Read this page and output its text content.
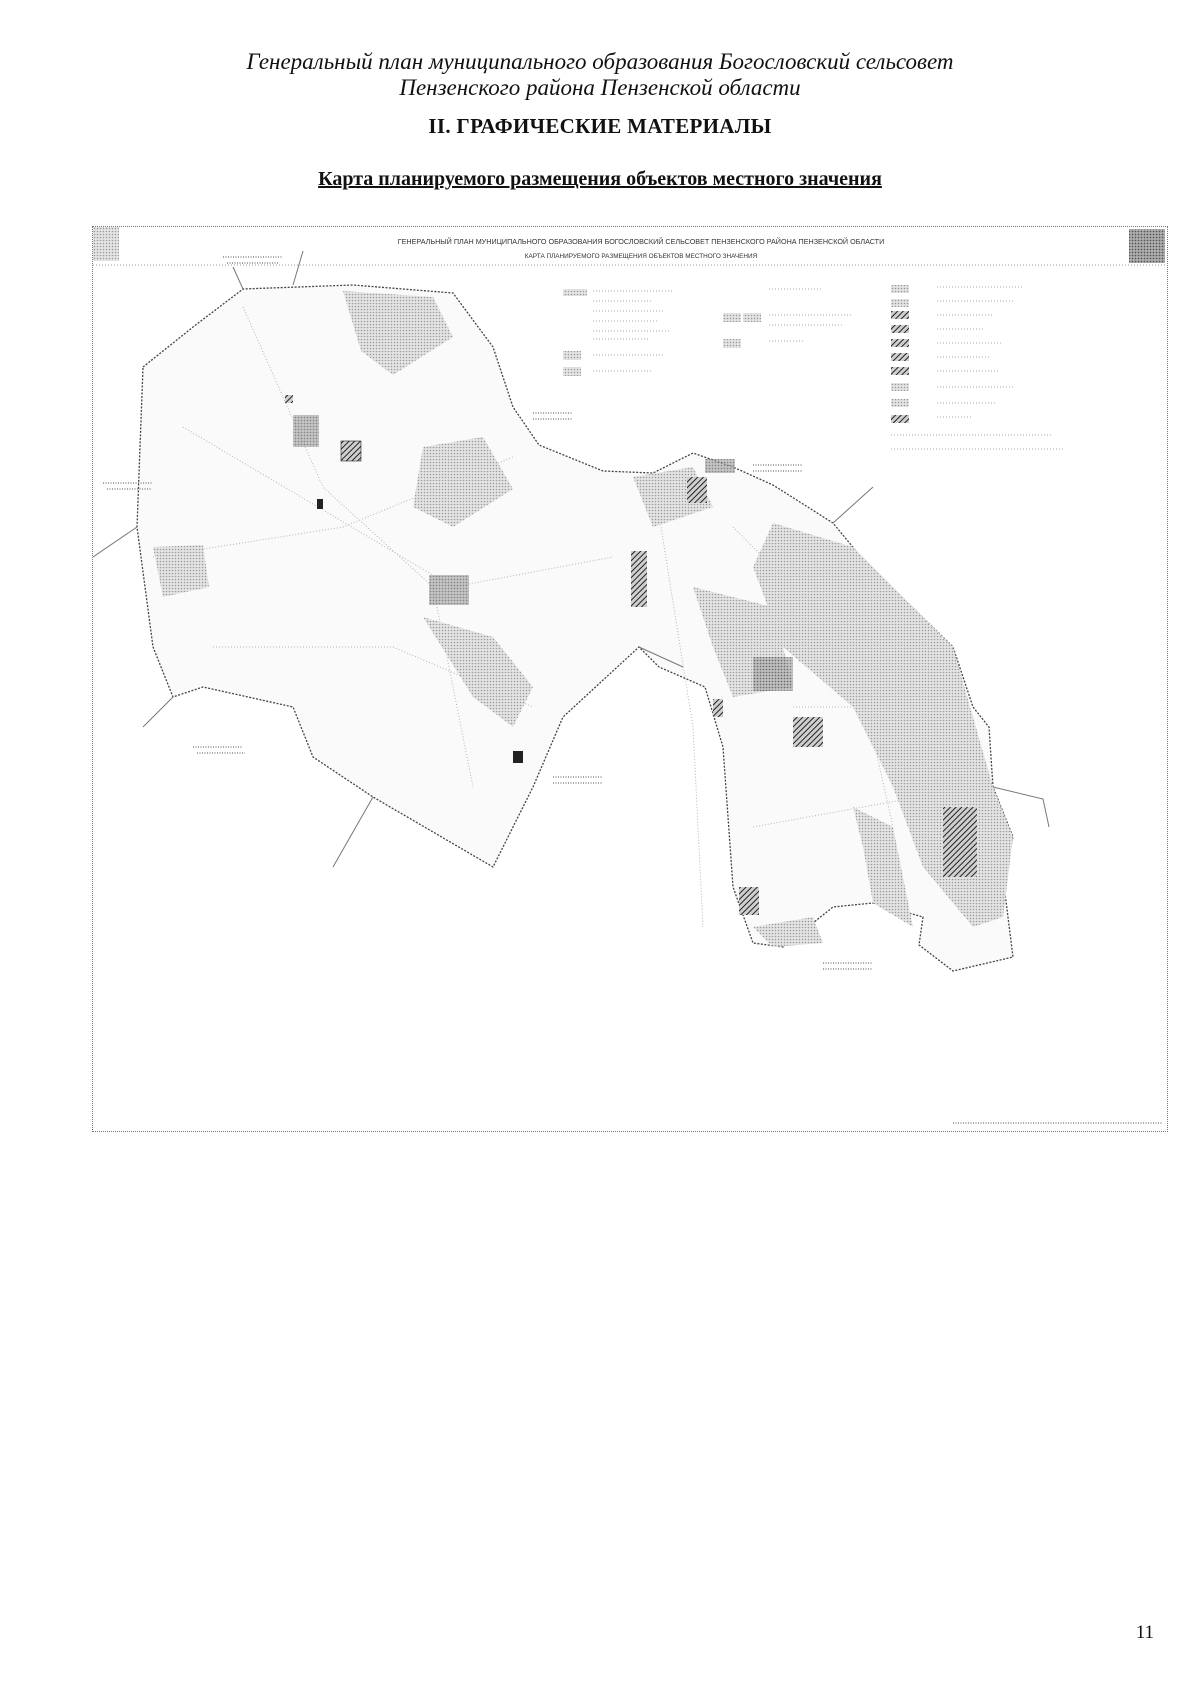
Генеральный план муниципального образования Богословский сельсовет
Пензенского района Пензенской области
II. ГРАФИЧЕСКИЕ МАТЕРИАЛЫ
Карта планируемого размещения объектов местного значения
ГЕНЕРАЛЬНЫЙ ПЛАН МУНИЦИПАЛЬНОГО ОБРАЗОВАНИЯ БОГОСЛОВСКИЙ СЕЛЬСОВЕТ ПЕНЗЕНСКОГО РАЙОНА ПЕНЗЕНСКОЙ ОБЛАСТИ
КАРТА ПЛАНИРУЕМОГО РАЗМЕЩЕНИЯ ОБЪЕКТОВ МЕСТНОГО ЗНАЧЕНИЯ
11
